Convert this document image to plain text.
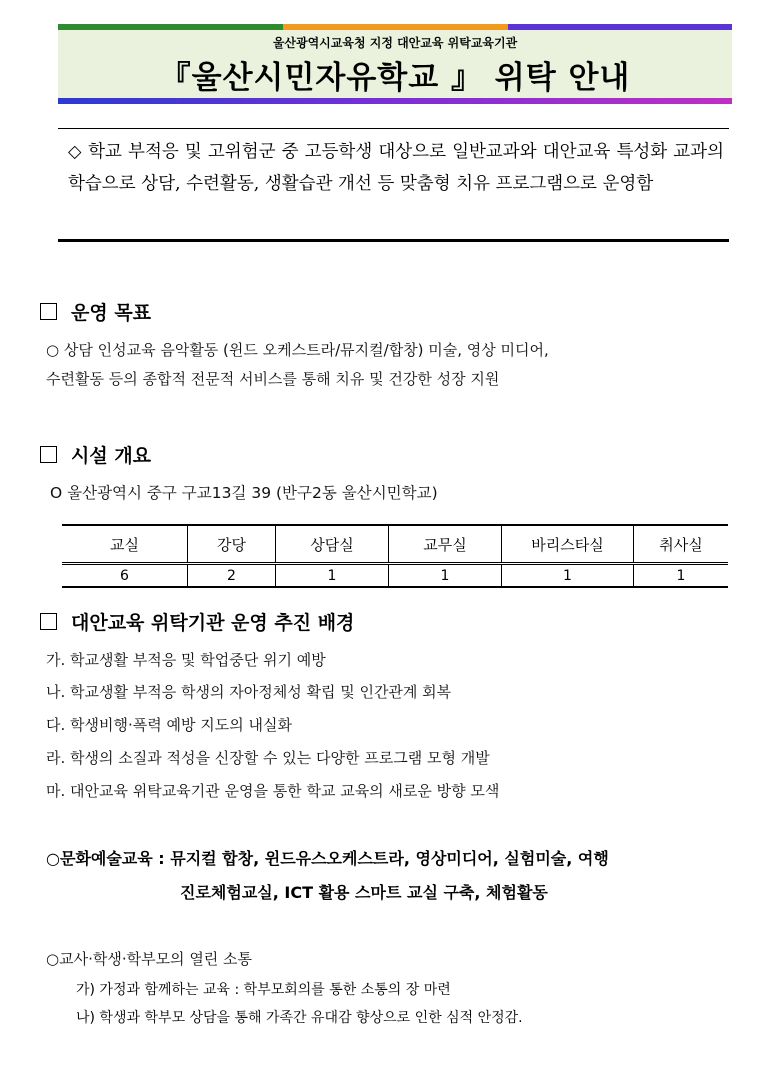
울산광역시교육청 지정 대안교육 위탁교육기관
『울산시민자유학교 』 위탁 안내
◇ 학교 부적응 및 고위험군 중 고등학생 대상으로 일반교과와 대안교육 특성화 교과의 학습으로 상담, 수련활동, 생활습관 개선 등 맞춤형 치유 프로그램으로 운영함
운영 목표
○ 상담 인성교육 음악활동 (윈드 오케스트라/뮤지컬/합창) 미술, 영상 미디어,
수련활동 등의 종합적 전문적 서비스를 통해 치유 및 건강한 성장 지원
시설 개요
O 울산광역시 중구 구교13길 39 (반구2동 울산시민학교)
교실	강당	상담실	교무실	바리스타실	취사실
6	2	1	1	1	1
대안교육 위탁기관 운영 추진 배경
가. 학교생활 부적응 및 학업중단 위기 예방
나. 학교생활 부적응 학생의 자아정체성 확립 및 인간관계 회복
다. 학생비행·폭력 예방 지도의 내실화
라. 학생의 소질과 적성을 신장할 수 있는 다양한 프로그램 모형 개발
마. 대안교육 위탁교육기관 운영을 통한 학교 교육의 새로운 방향 모색
○문화예술교육 : 뮤지컬 합창, 윈드유스오케스트라, 영상미디어, 실험미술, 여행
진로체험교실, ICT 활용 스마트 교실 구축, 체험활동
○교사·학생·학부모의 열린 소통
가) 가정과 함께하는 교육 : 학부모회의를 통한 소통의 장 마련
나) 학생과 학부모 상담을 통해 가족간 유대감 향상으로 인한 심적 안정감.
